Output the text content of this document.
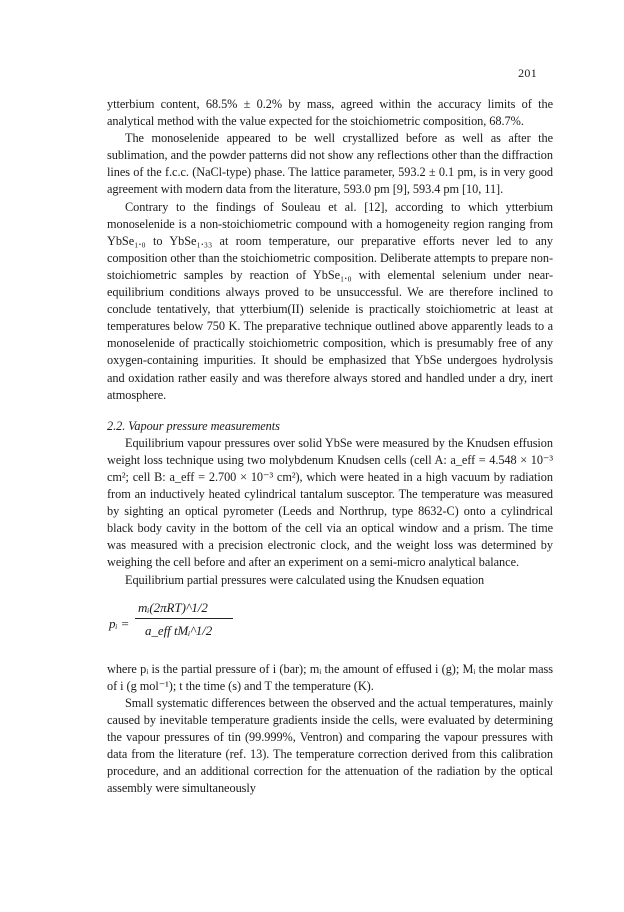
201

ytterbium content, 68.5% ± 0.2% by mass, agreed within the accuracy limits of the analytical method with the value expected for the stoichiometric composition, 68.7%.

The monoselenide appeared to be well crystallized before as well as after the sublimation, and the powder patterns did not show any reflections other than the diffraction lines of the f.c.c. (NaCl-type) phase. The lattice parameter, 593.2 ± 0.1 pm, is in very good agreement with modern data from the literature, 593.0 pm [9], 593.4 pm [10, 11].

Contrary to the findings of Souleau et al. [12], according to which ytterbium monoselenide is a non-stoichiometric compound with a homogeneity region ranging from YbSe₁.₀ to YbSe₁.₃₃ at room temperature, our preparative efforts never led to any composition other than the stoichiometric composition. Deliberate attempts to prepare non-stoichiometric samples by reaction of YbSe₁.₀ with elemental selenium under near-equilibrium conditions always proved to be unsuccessful. We are therefore inclined to conclude tentatively, that ytterbium(II) selenide is practically stoichiometric at least at temperatures below 750 K. The preparative technique outlined above apparently leads to a monoselenide of practically stoichiometric composition, which is presumably free of any oxygen-containing impurities. It should be emphasized that YbSe undergoes hydrolysis and oxidation rather easily and was therefore always stored and handled under a dry, inert atmosphere.

2.2. Vapour pressure measurements

Equilibrium vapour pressures over solid YbSe were measured by the Knudsen effusion weight loss technique using two molybdenum Knudsen cells (cell A: a_eff = 4.548 × 10⁻³ cm²; cell B: a_eff = 2.700 × 10⁻³ cm²), which were heated in a high vacuum by radiation from an inductively heated cylindrical tantalum susceptor. The temperature was measured by sighting an optical pyrometer (Leeds and Northrup, type 8632-C) onto a cylindrical black body cavity in the bottom of the cell via an optical window and a prism. The time was measured with a precision electronic clock, and the weight loss was determined by weighing the cell before and after an experiment on a semi-micro analytical balance.

Equilibrium partial pressures were calculated using the Knudsen equation

pᵢ =
mᵢ(2πRT)^1/2
a_eff tMᵢ^1/2

where pᵢ is the partial pressure of i (bar); mᵢ the amount of effused i (g); Mᵢ the molar mass of i (g mol⁻¹); t the time (s) and T the temperature (K).

Small systematic differences between the observed and the actual temperatures, mainly caused by inevitable temperature gradients inside the cells, were evaluated by determining the vapour pressures of tin (99.999%, Ventron) and comparing the vapour pressures with data from the literature (ref. 13). The temperature correction derived from this calibration procedure, and an additional correction for the attenuation of the radiation by the optical assembly were simultaneously
